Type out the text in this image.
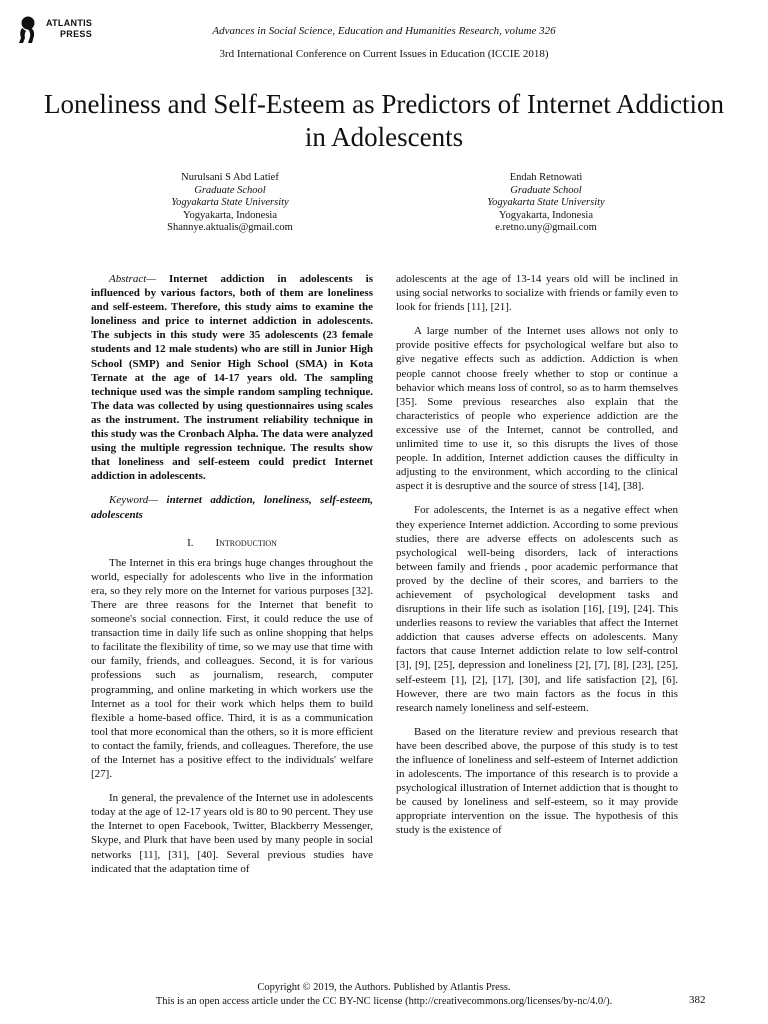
ATLANTIS
PRESS	Advances in Social Science, Education and Humanities Research, volume 326
3rd International Conference on Current Issues in Education (ICCIE 2018)
Loneliness and Self-Esteem as Predictors of Internet Addiction in Adolescents
Nurulsani S Abd Latief
Graduate School
Yogyakarta State University
Yogyakarta, Indonesia
Shannye.aktualis@gmail.com
Endah Retnowati
Graduate School
Yogyakarta State University
Yogyakarta, Indonesia
e.retno.uny@gmail.com

Abstract— Internet addiction in adolescents is influenced by various factors, both of them are loneliness and self-esteem. Therefore, this study aims to examine the loneliness and price to internet addiction in adolescents. The subjects in this study were 35 adolescents (23 female students and 12 male students) who are still in Junior High School (SMP) and Senior High School (SMA) in Kota Ternate at the age of 14-17 years old. The sampling technique used was the simple random sampling technique. The data was collected by using questionnaires using scales as the instrument. The instrument reliability technique in this study was the Cronbach Alpha. The data were analyzed using the multiple regression technique. The results show that loneliness and self-esteem could predict Internet addiction in adolescents.

Keyword— internet addiction, loneliness, self-esteem, adolescents

I. Introduction

The Internet in this era brings huge changes throughout the world, especially for adolescents who live in the information era, so they rely more on the Internet for various purposes [32]. There are three reasons for the Internet that benefit to someone's social connection. First, it could reduce the use of transaction time in daily life such as online shopping that helps to facilitate the flexibility of time, so we may use that time with our family, friends, and colleagues. Second, it is for various professions such as journalism, research, computer programming, and online marketing in which workers use the Internet as a tool for their work which helps them to build flexible a home-based office. Third, it is as a communication tool that more economical than the others, so it is more efficient to contact the family, friends, and colleagues. Therefore, the use of the Internet has a positive effect to the individuals' welfare [27].

In general, the prevalence of the Internet use in adolescents today at the age of 12-17 years old is 80 to 90 percent. They use the Internet to open Facebook, Twitter, Blackberry Messenger, Skype, and Plurk that have been used by many people in social networks [11], [31], [40]. Several previous studies have indicated that the adaptation time of

adolescents at the age of 13-14 years old will be inclined in using social networks to socialize with friends or family even to look for friends [11], [21].

A large number of the Internet uses allows not only to provide positive effects for psychological welfare but also to give negative effects such as addiction. Addiction is when people cannot choose freely whether to stop or continue a behavior which means loss of control, so as to harm themselves [35]. Some previous researches also explain that the characteristics of people who experience addiction are the excessive use of the Internet, cannot be controlled, and unlimited time to use it, so this disrupts the lives of those people. In addition, Internet addiction causes the difficulty in adjusting to the environment, which according to the clinical aspect it is desruptive and the source of stress [14], [38].

For adolescents, the Internet is as a negative effect when they experience Internet addiction. According to some previous studies, there are adverse effects on adolescents such as psychological well-being disorders, lack of interactions between family and friends , poor academic performance that proved by the decline of their scores, and barriers to the achievement of psychological development tasks and disruptions in their life such as isolation [16], [19], [24]. This underlies reasons to review the variables that affect the Internet addiction that causes adverse effects on adolescents. Many factors that cause Internet addiction relate to low self-control [3], [9], [25], depression and loneliness [2], [7], [8], [23], [25], self-esteem [1], [2], [17], [30], and life satisfaction [2], [6]. However, there are two main factors as the focus in this research namely loneliness and self-esteem.

Based on the literature review and previous research that have been described above, the purpose of this study is to test the influence of loneliness and self-esteem of Internet addiction in adolescents. The importance of this research is to provide a psychological illustration of Internet addiction that is thought to be caused by loneliness and self-esteem, so it may provide appropriate intervention on the issue. The hypothesis of this study is the existence of

Copyright © 2019, the Authors. Published by Atlantis Press.
This is an open access article under the CC BY-NC license (http://creativecommons.org/licenses/by-nc/4.0/).	382
